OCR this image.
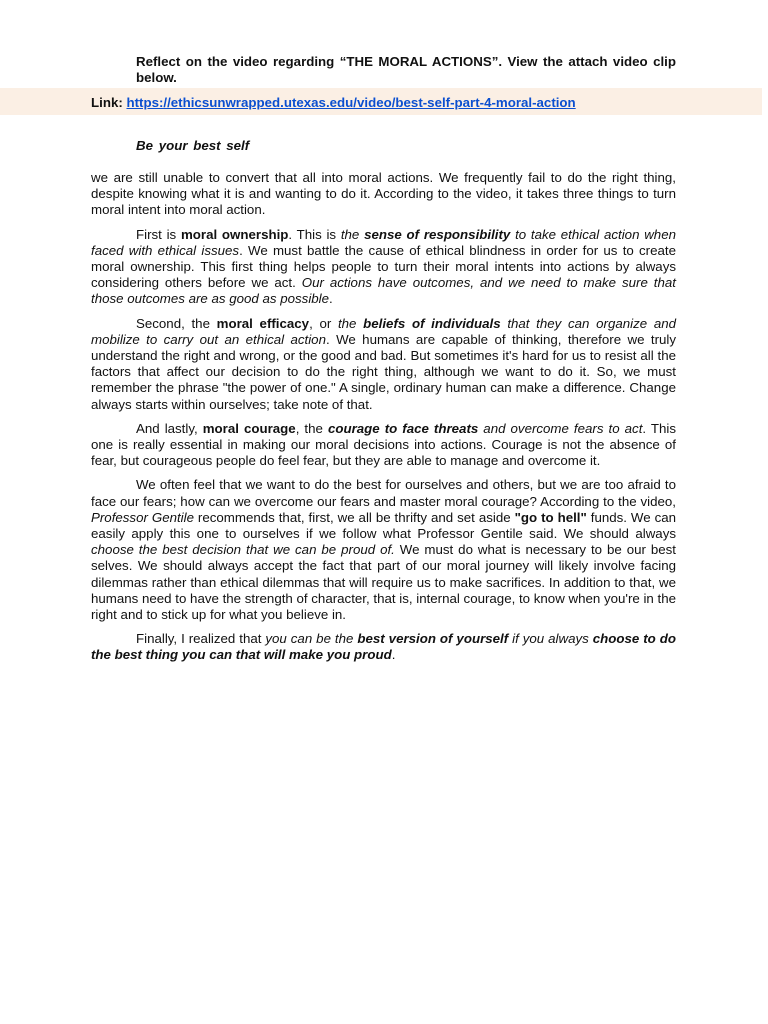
Reflect on the video regarding “THE MORAL ACTIONS”. View the attach video clip below.
Link: https://ethicsunwrapped.utexas.edu/video/best-self-part-4-moral-action
Be your best self

we are still unable to convert that all into moral actions. We frequently fail to do the right thing, despite knowing what it is and wanting to do it. According to the video, it takes three things to turn moral intent into moral action.

First is moral ownership. This is the sense of responsibility to take ethical action when faced with ethical issues. We must battle the cause of ethical blindness in order for us to create moral ownership. This first thing helps people to turn their moral intents into actions by always considering others before we act. Our actions have outcomes, and we need to make sure that those outcomes are as good as possible.

Second, the moral efficacy, or the beliefs of individuals that they can organize and mobilize to carry out an ethical action. We humans are capable of thinking, therefore we truly understand the right and wrong, or the good and bad. But sometimes it's hard for us to resist all the factors that affect our decision to do the right thing, although we want to do it. So, we must remember the phrase "the power of one." A single, ordinary human can make a difference. Change always starts within ourselves; take note of that.

And lastly, moral courage, the courage to face threats and overcome fears to act. This one is really essential in making our moral decisions into actions. Courage is not the absence of fear, but courageous people do feel fear, but they are able to manage and overcome it.

We often feel that we want to do the best for ourselves and others, but we are too afraid to face our fears; how can we overcome our fears and master moral courage? According to the video, Professor Gentile recommends that, first, we all be thrifty and set aside "go to hell" funds. We can easily apply this one to ourselves if we follow what Professor Gentile said. We should always choose the best decision that we can be proud of. We must do what is necessary to be our best selves. We should always accept the fact that part of our moral journey will likely involve facing dilemmas rather than ethical dilemmas that will require us to make sacrifices. In addition to that, we humans need to have the strength of character, that is, internal courage, to know when you're in the right and to stick up for what you believe in.

Finally, I realized that you can be the best version of yourself if you always choose to do the best thing you can that will make you proud.
